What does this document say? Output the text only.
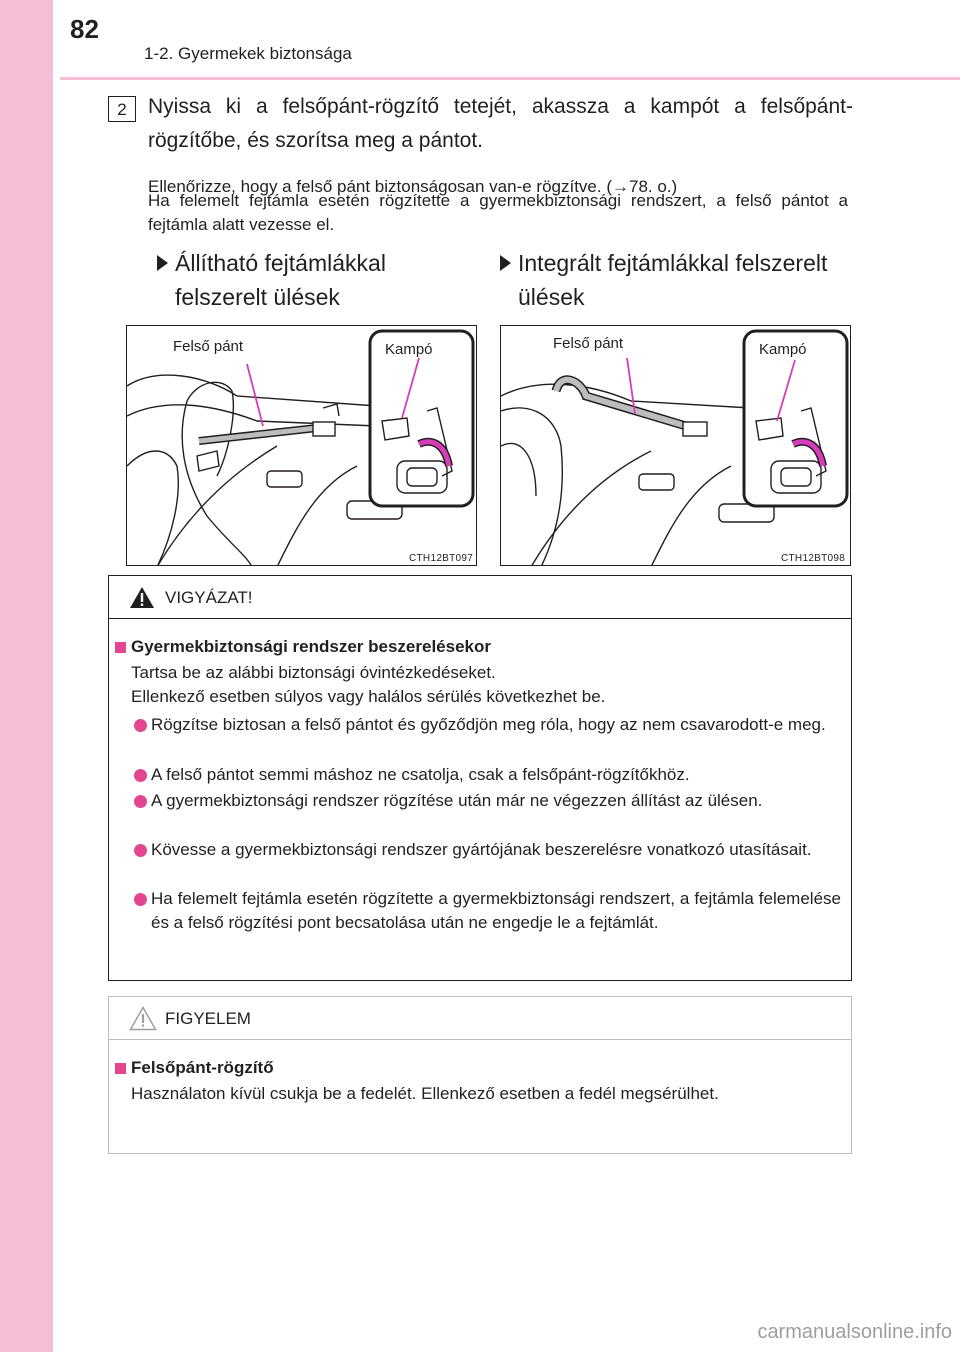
82
1-2. Gyermekek biztonsága
2	Nyissa ki a felsőpánt-rögzítő tetejét, akassza a kampót a felsőpánt-rögzítőbe, és szorítsa meg a pántot.
Ellenőrizze, hogy a felső pánt biztonságosan van-e rögzítve. (→78. o.)
Ha felemelt fejtámla esetén rögzítette a gyermekbiztonsági rendszert, a felső pántot a fejtámla alatt vezesse el.
Állítható fejtámlákkal felszerelt ülések
Integrált fejtámlákkal felszerelt ülések
Felső pánt	Kampó
CTH12BT097
Felső pánt	Kampó
CTH12BT098
VIGYÁZAT!
Gyermekbiztonsági rendszer beszerelésekor
Tartsa be az alábbi biztonsági óvintézkedéseket.
Ellenkező esetben súlyos vagy halálos sérülés következhet be.
Rögzítse biztosan a felső pántot és győződjön meg róla, hogy az nem csavarodott-e meg.
A felső pántot semmi máshoz ne csatolja, csak a felsőpánt-rögzítőkhöz.
A gyermekbiztonsági rendszer rögzítése után már ne végezzen állítást az ülésen.
Kövesse a gyermekbiztonsági rendszer gyártójának beszerelésre vonatkozó utasításait.
Ha felemelt fejtámla esetén rögzítette a gyermekbiztonsági rendszert, a fejtámla felemelése és a felső rögzítési pont becsatolása után ne engedje le a fejtámlát.
FIGYELEM
Felsőpánt-rögzítő
Használaton kívül csukja be a fedelét. Ellenkező esetben a fedél megsérülhet.
carmanualsonline.info
